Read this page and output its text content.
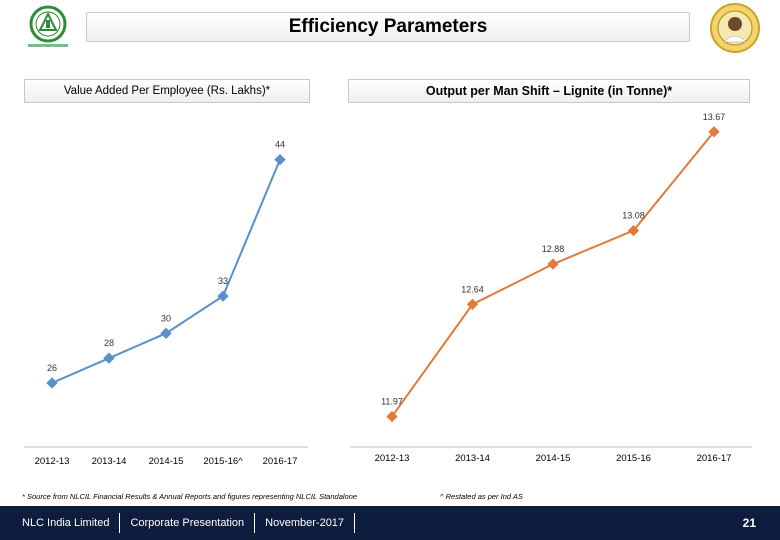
Efficiency Parameters
Value Added Per Employee (Rs. Lakhs)*	Output per Man Shift – Lignite (in Tonne)*
26
28
30
33
44
2012-13 2013-14 2014-15 2015-16^ 2016-17
11.97
12.64
12.88
13.08
13.67
2012-13	2013-14	2014-15	2015-16	2016-17
* Source from NLCIL Financial Results & Annual Reports and figures representing NLCIL Standalone	^ Restated as per Ind AS
NLC India Limited	Corporate Presentation	November-2017	21
